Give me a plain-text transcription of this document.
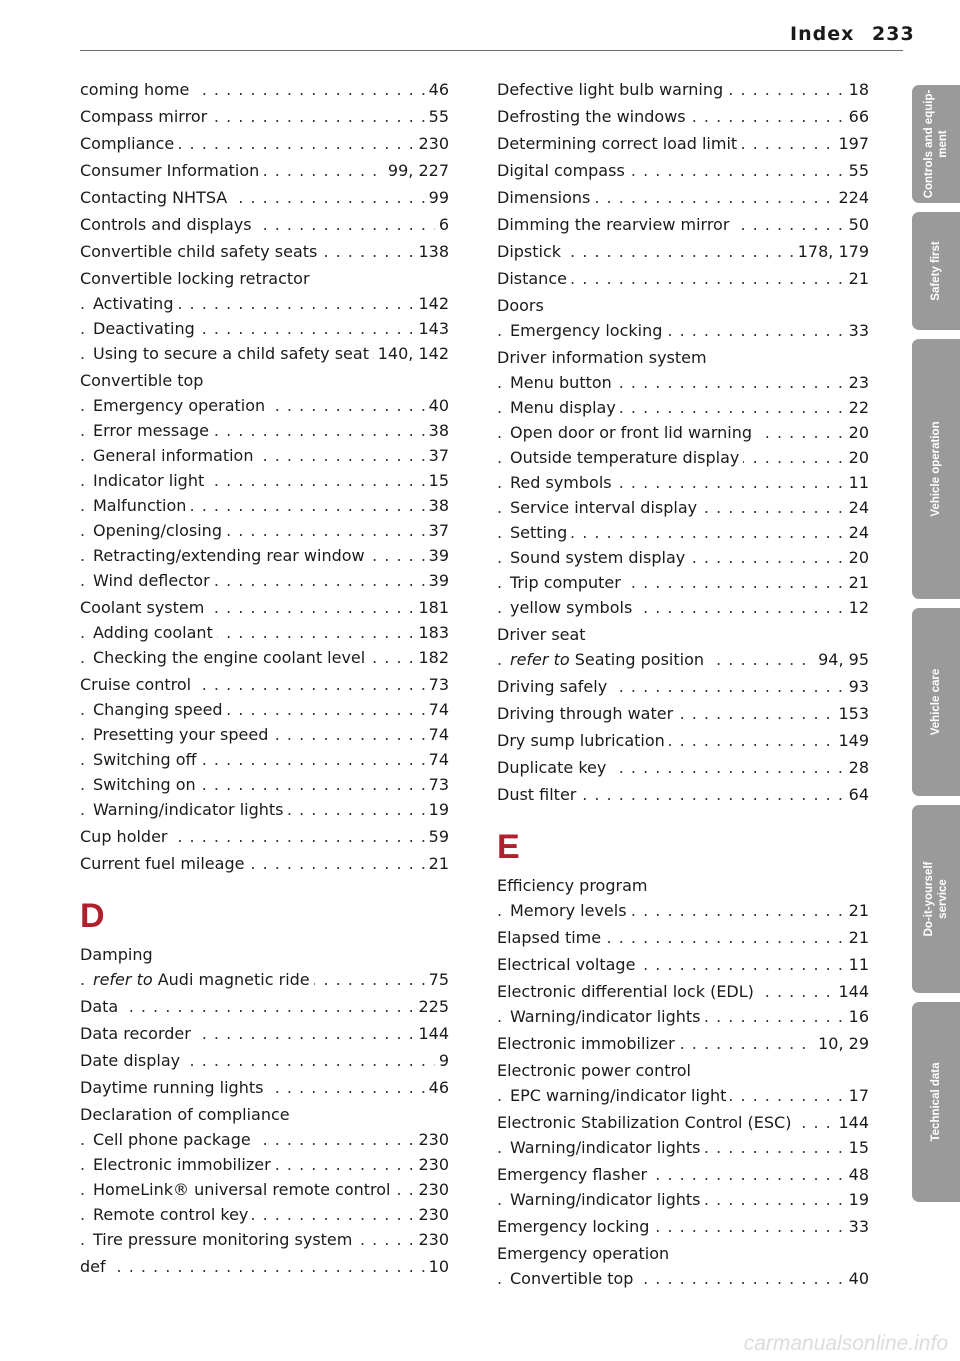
Index 233
. . . coming home	46
. . . Compass mirror	55
. . . Compliance	230
. . . Consumer Information	99, 227
. . . Contacting NHTSA	99
. . . Controls and displays	6
. . . Convertible child safety seats	138
Convertible locking retractor
. . . Activating	142
. . . Deactivating	143
. . . Using to secure a child safety seat 140, 142
Convertible top
. . . Emergency operation	40
. . . Error message	38
. . . General information	37
. . . Indicator light	15
. . . Malfunction	38
. . . Opening/closing	37
. . . Retracting/extending rear window	39
. . . Wind deflector	39
. . . Coolant system	181
. . . Adding coolant	183
. . . Checking the engine coolant level	182
. . . Cruise control	73
. . . Changing speed	74
. . . Presetting your speed	74
. . . Switching off	74
. . . Switching on	73
. . . Warning/indicator lights	19
. . . Cup holder	59
. . . Current fuel mileage	21
D
Damping
. . . refer to Audi magnetic ride	75
. . . Data	225
. . . Data recorder	144
. . . Date display	9
. . . Daytime running lights	46
Declaration of compliance
. . . Cell phone package	230
. . . Electronic immobilizer	230
. . . HomeLink® universal remote control 230
. . . Remote control key	230
. . . Tire pressure monitoring system	230
. . . def	10
. . . Defective light bulb warning	18
. . . Defrosting the windows	66
. . . Determining correct load limit	197
. . . Digital compass	55
. . . Dimensions	224
. . . Dimming the rearview mirror	50
. . . Dipstick	178, 179
. . . Distance	21
Doors
. . . Emergency locking	33
Driver information system
. . . Menu button	23
. . . Menu display	22
. . . Open door or front lid warning	20
. . . Outside temperature display	20
. . . Red symbols	11
. . . Service interval display	24
. . . Setting	24
. . . Sound system display	20
. . . Trip computer	21
. . . yellow symbols	12
Driver seat
. . . refer to Seating position	94, 95
. . . Driving safely	93
. . . Driving through water	153
. . . Dry sump lubrication	149
. . . Duplicate key	28
. . . Dust filter	64
E
Efficiency program
. . . Memory levels	21
. . . Elapsed time	21
. . . Electrical voltage	11
. . . Electronic differential lock (EDL)	144
. . . Warning/indicator lights	16
. . . Electronic immobilizer	10, 29
Electronic power control
. . . EPC warning/indicator light	17
. . . Electronic Stabilization Control (ESC)	144
. . . Warning/indicator lights	15
. . . Emergency flasher	48
. . . Warning/indicator lights	19
. . . Emergency locking	33
Emergency operation
. . . Convertible top	40
Controls and equip- ment
Safety first
Vehicle operation
Vehicle care
Do-it-yourself service
Technical data
carmanualsonline.info
